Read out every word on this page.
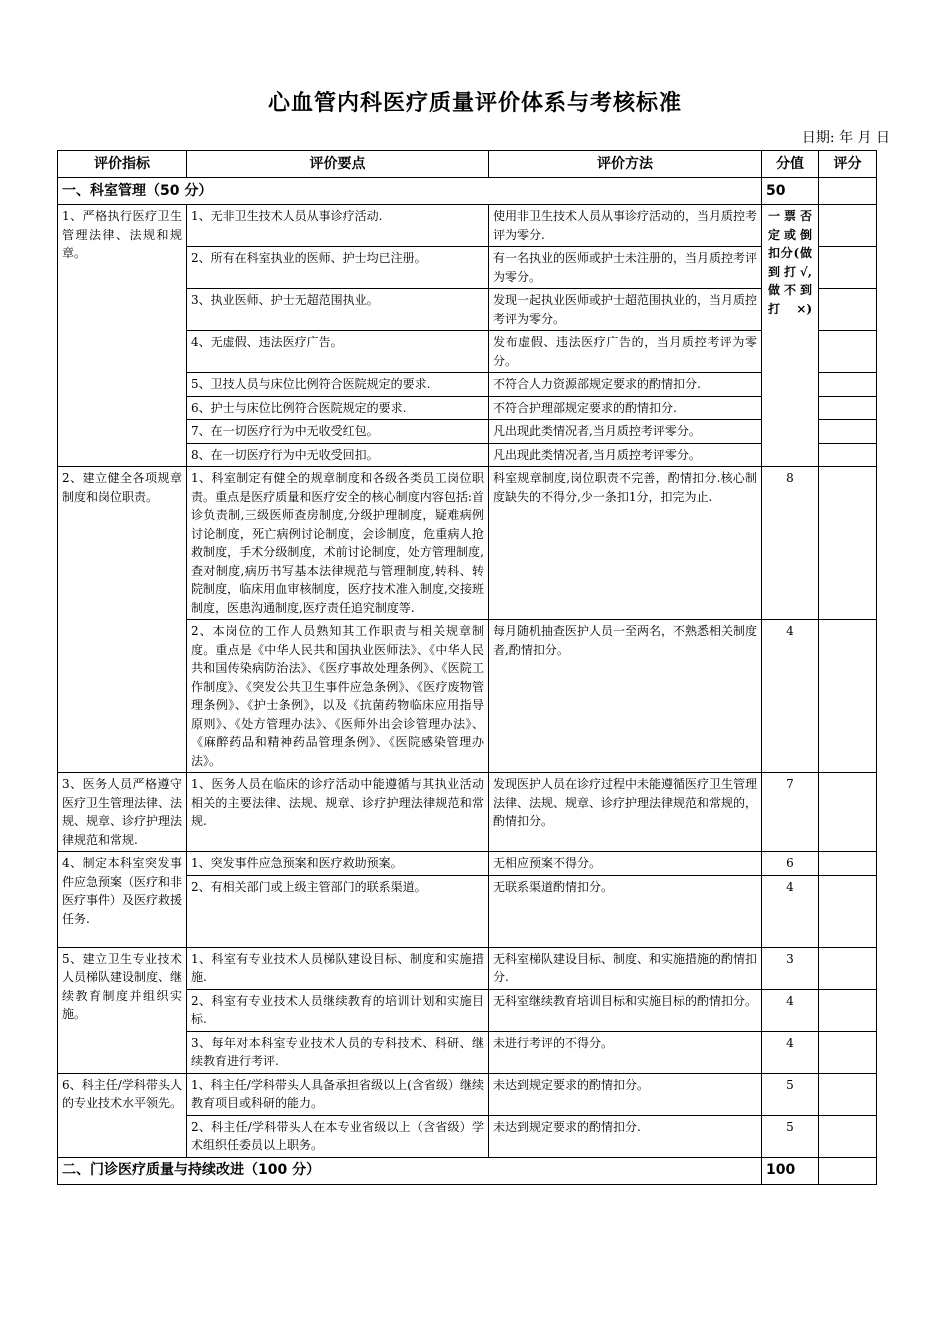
心血管内科医疗质量评价体系与考核标准
日期: 年 月 日
评价指标	评价要点	评价方法	分值	评分
一、科室管理（50 分）			50	
1、严格执行医疗卫生管理法律、法规和规章。	1、无非卫生技术人员从事诊疗活动.	使用非卫生技术人员从事诊疗活动的，当月质控考评为零分.	一票否定或倒扣分(做到打√,做不到打×)	
	2、所有在科室执业的医师、护士均已注册。	有一名执业的医师或护士未注册的，当月质控考评为零分。		
	3、执业医师、护士无超范围执业。	发现一起执业医师或护士超范围执业的，当月质控考评为零分。		
	4、无虚假、违法医疗广告。	发布虚假、违法医疗广告的，当月质控考评为零分。		
	5、卫技人员与床位比例符合医院规定的要求.	不符合人力资源部规定要求的酌情扣分.		
	6、护士与床位比例符合医院规定的要求.	不符合护理部规定要求的酌情扣分.		
	7、在一切医疗行为中无收受红包。	凡出现此类情况者,当月质控考评零分。		
	8、在一切医疗行为中无收受回扣。	凡出现此类情况者,当月质控考评零分。		
2、建立健全各项规章制度和岗位职责。	1、科室制定有健全的规章制度和各级各类员工岗位职责。重点是医疗质量和医疗安全的核心制度内容包括:首诊负责制,三级医师查房制度,分级护理制度，疑难病例讨论制度，死亡病例讨论制度，会诊制度，危重病人抢救制度，手术分级制度，术前讨论制度，处方管理制度,查对制度,病历书写基本法律规范与管理制度,转科、转院制度，临床用血审核制度，医疗技术准入制度,交接班制度，医患沟通制度,医疗责任追究制度等.	科室规章制度,岗位职责不完善，酌情扣分.核心制度缺失的不得分,少一条扣1分，扣完为止.	8	
	2、本岗位的工作人员熟知其工作职责与相关规章制度。重点是《中华人民共和国执业医师法》、《中华人民共和国传染病防治法》、《医疗事故处理条例》、《医院工作制度》、《突发公共卫生事件应急条例》、《医疗废物管理条例》、《护士条例》，以及《抗菌药物临床应用指导原则》、《处方管理办法》、《医师外出会诊管理办法》、《麻醉药品和精神药品管理条例》、《医院感染管理办法》。	每月随机抽查医护人员一至两名，不熟悉相关制度者,酌情扣分。	4	
3、医务人员严格遵守医疗卫生管理法律、法规、规章、诊疗护理法律规范和常规.	1、医务人员在临床的诊疗活动中能遵循与其执业活动相关的主要法律、法规、规章、诊疗护理法律规范和常规.	发现医护人员在诊疗过程中未能遵循医疗卫生管理法律、法规、规章、诊疗护理法律规范和常规的，酌情扣分。	7	
4、制定本科室突发事件应急预案（医疗和非医疗事件）及医疗救援任务.	1、突发事件应急预案和医疗救助预案。	无相应预案不得分。	6	
	2、有相关部门或上级主管部门的联系渠道。	无联系渠道酌情扣分。	4	
5、建立卫生专业技术人员梯队建设制度、继续教育制度并组织实施。	1、科室有专业技术人员梯队建设目标、制度和实施措施.	无科室梯队建设目标、制度、和实施措施的酌情扣分.	3	
	2、科室有专业技术人员继续教育的培训计划和实施目标.	无科室继续教育培训目标和实施目标的酌情扣分。	4	
	3、每年对本科室专业技术人员的专科技术、科研、继续教育进行考评.	未进行考评的不得分。	4	
6、科主任/学科带头人的专业技术水平领先。	1、科主任/学科带头人具备承担省级以上(含省级）继续教育项目或科研的能力。	未达到规定要求的酌情扣分。	5	
	2、科主任/学科带头人在本专业省级以上（含省级）学术组织任委员以上职务。	未达到规定要求的酌情扣分.	5	
二、门诊医疗质量与持续改进（100 分）			100	
